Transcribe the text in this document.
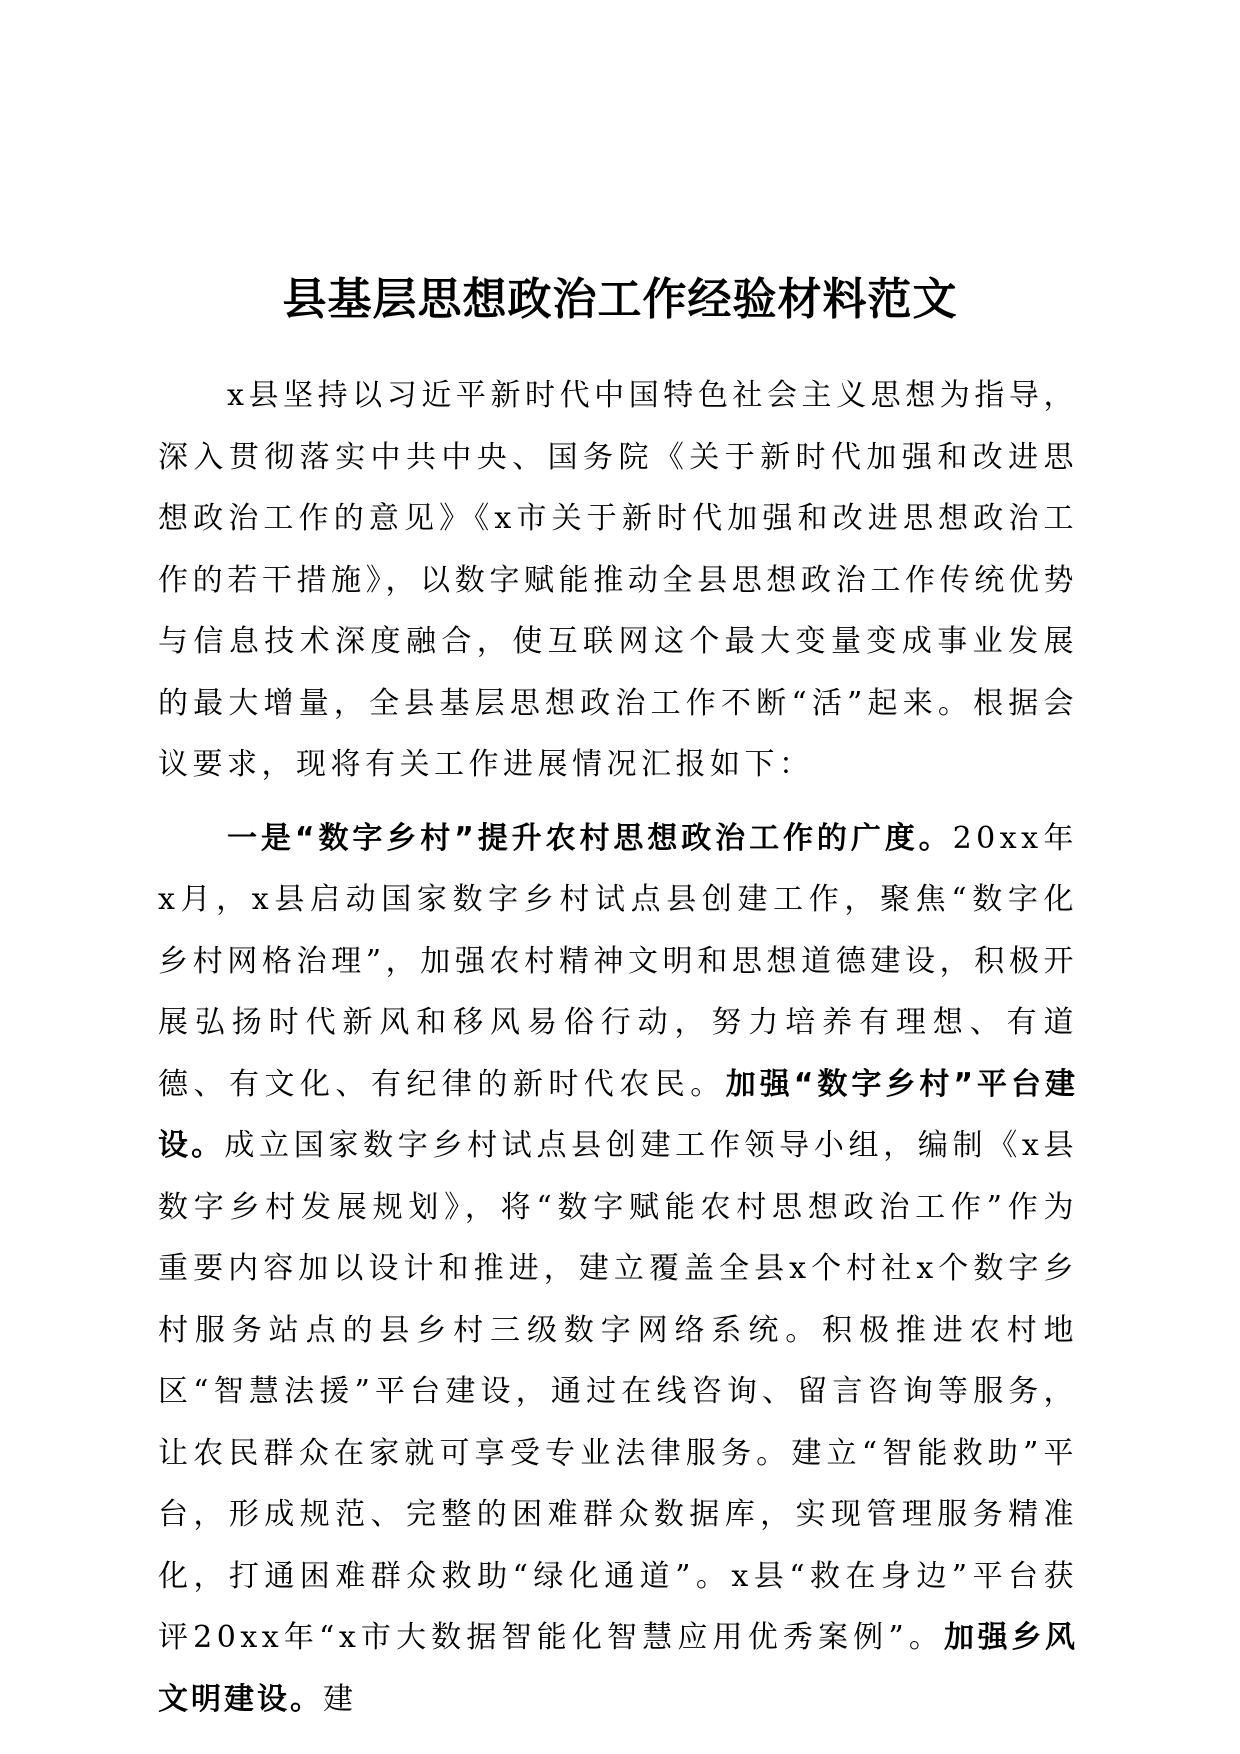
县基层思想政治工作经验材料范文

x县坚持以习近平新时代中国特色社会主义思想为指导，深入贯彻落实中共中央、国务院《关于新时代加强和改进思想政治工作的意见》《x市关于新时代加强和改进思想政治工作的若干措施》，以数字赋能推动全县思想政治工作传统优势与信息技术深度融合，使互联网这个最大变量变成事业发展的最大增量，全县基层思想政治工作不断“活”起来。根据会议要求，现将有关工作进展情况汇报如下：

一是“数字乡村”提升农村思想政治工作的广度。20xx年x月，x县启动国家数字乡村试点县创建工作，聚焦“数字化乡村网格治理”，加强农村精神文明和思想道德建设，积极开展弘扬时代新风和移风易俗行动，努力培养有理想、有道德、有文化、有纪律的新时代农民。加强“数字乡村”平台建设。成立国家数字乡村试点县创建工作领导小组，编制《x县数字乡村发展规划》，将“数字赋能农村思想政治工作”作为重要内容加以设计和推进，建立覆盖全县x个村社x个数字乡村服务站点的县乡村三级数字网络系统。积极推进农村地区“智慧法援”平台建设，通过在线咨询、留言咨询等服务，让农民群众在家就可享受专业法律服务。建立“智能救助”平台，形成规范、完整的困难群众数据库，实现管理服务精准化，打通困难群众救助“绿化通道”。x县“救在身边”平台获评20xx年“x市大数据智能化智慧应用优秀案例”。加强乡风文明建设。建
